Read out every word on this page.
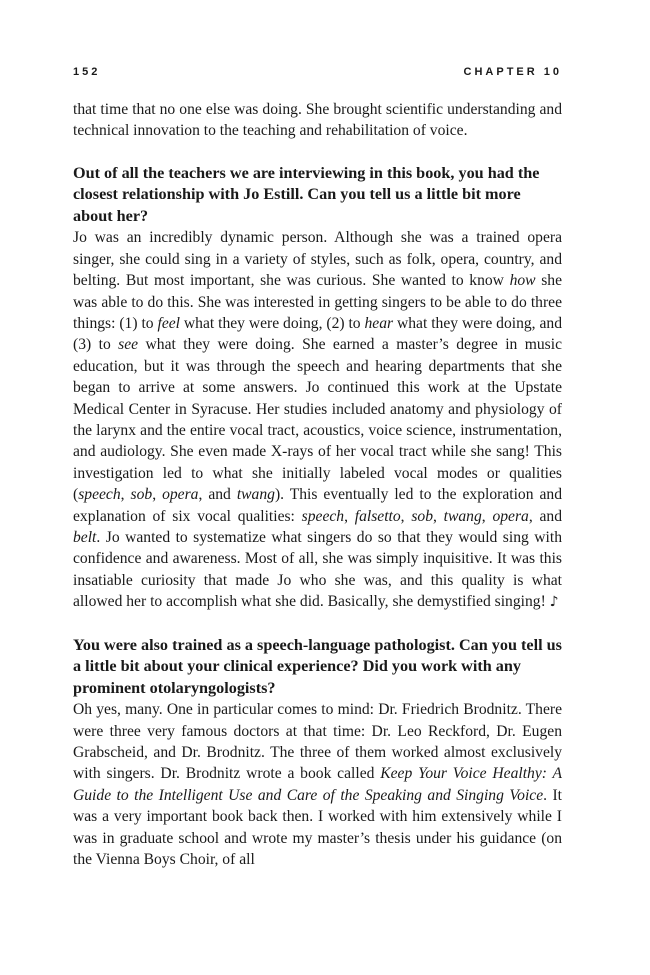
152	CHAPTER 10

that time that no one else was doing. She brought scientific understanding and technical innovation to the teaching and rehabilitation of voice.

Out of all the teachers we are interviewing in this book, you had the closest relationship with Jo Estill. Can you tell us a little bit more about her?

Jo was an incredibly dynamic person. Although she was a trained opera singer, she could sing in a variety of styles, such as folk, opera, country, and belting. But most important, she was curious. She wanted to know how she was able to do this. She was interested in getting singers to be able to do three things: (1) to feel what they were doing, (2) to hear what they were doing, and (3) to see what they were doing. She earned a master’s degree in music education, but it was through the speech and hearing departments that she began to arrive at some answers. Jo continued this work at the Upstate Medical Center in Syracuse. Her studies included anatomy and physiology of the larynx and the entire vocal tract, acoustics, voice science, instrumentation, and audiology. She even made X-rays of her vocal tract while she sang! This investigation led to what she initially labeled vocal modes or qualities (speech, sob, opera, and twang). This eventually led to the exploration and explanation of six vocal qualities: speech, falsetto, sob, twang, opera, and belt. Jo wanted to systematize what singers do so that they would sing with confidence and awareness. Most of all, she was simply inquisitive. It was this insatiable curiosity that made Jo who she was, and this quality is what allowed her to accomplish what she did. Basically, she demystified singing! ♪

You were also trained as a speech-language pathologist. Can you tell us a little bit about your clinical experience? Did you work with any prominent otolaryngologists?

Oh yes, many. One in particular comes to mind: Dr. Friedrich Brodnitz. There were three very famous doctors at that time: Dr. Leo Reckford, Dr. Eugen Grabscheid, and Dr. Brodnitz. The three of them worked almost exclusively with singers. Dr. Brodnitz wrote a book called Keep Your Voice Healthy: A Guide to the Intelligent Use and Care of the Speaking and Singing Voice. It was a very important book back then. I worked with him extensively while I was in graduate school and wrote my master’s thesis under his guidance (on the Vienna Boys Choir, of all
